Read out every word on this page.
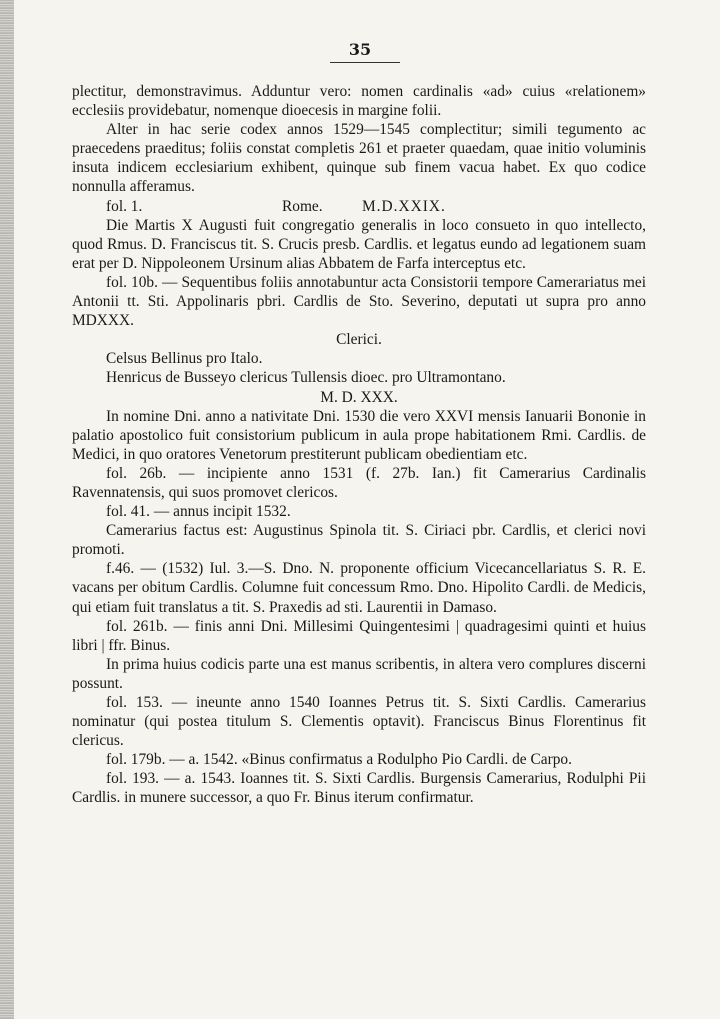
35

plectitur, demonstravimus. Adduntur vero: nomen cardinalis «ad» cuius «relationem» ecclesiis providebatur, nomenque dioecesis in margine folii.

Alter in hac serie codex annos 1529—1545 complectitur; simili tegumento ac praecedens praeditus; foliis constat completis 261 et praeter quaedam, quae initio voluminis insuta indicem ecclesiarium exhibent, quinque sub finem vacua habet. Ex quo codice nonnulla afferamus.

fol. 1.	Rome.	M.D.XXIX.

Die Martis X Augusti fuit congregatio generalis in loco consueto in quo intellecto, quod Rmus. D. Franciscus tit. S. Crucis presb. Cardlis. et legatus eundo ad legationem suam erat per D. Nippoleonem Ursinum alias Abbatem de Farfa interceptus etc.

fol. 10b. — Sequentibus foliis annotabuntur acta Consistorii tempore Camerariatus mei Antonii tt. Sti. Appolinaris pbri. Cardlis de Sto. Severino, deputati ut supra pro anno MDXXX.

Clerici.

Celsus Bellinus pro Italo.

Henricus de Busseyo clericus Tullensis dioec. pro Ultramontano.

M. D. XXX.

In nomine Dni. anno a nativitate Dni. 1530 die vero XXVI mensis Ianuarii Bononie in palatio apostolico fuit consistorium publicum in aula prope habitationem Rmi. Cardlis. de Medici, in quo oratores Venetorum prestiterunt publicam obedientiam etc.

fol. 26b. — incipiente anno 1531 (f. 27b. Ian.) fit Camerarius Cardinalis Ravennatensis, qui suos promovet clericos.

fol. 41. — annus incipit 1532.

Camerarius factus est: Augustinus Spinola tit. S. Ciriaci pbr. Cardlis, et clerici novi promoti.

f.46. — (1532) Iul. 3.—S. Dno. N. proponente officium Vicecancellariatus S. R. E. vacans per obitum Cardlis. Columne fuit concessum Rmo. Dno. Hipolito Cardli. de Medicis, qui etiam fuit translatus a tit. S. Praxedis ad sti. Laurentii in Damaso.

fol. 261b. — finis anni Dni. Millesimi Quingentesimi | quadragesimi quinti et huius libri | ffr. Binus.

In prima huius codicis parte una est manus scribentis, in altera vero complures discerni possunt.

fol. 153. — ineunte anno 1540 Ioannes Petrus tit. S. Sixti Cardlis. Camerarius nominatur (qui postea titulum S. Clementis optavit). Franciscus Binus Florentinus fit clericus.

fol. 179b. — a. 1542. «Binus confirmatus a Rodulpho Pio Cardli. de Carpo.

fol. 193. — a. 1543. Ioannes tit. S. Sixti Cardlis. Burgensis Camerarius, Rodulphi Pii Cardlis. in munere successor, a quo Fr. Binus iterum confirmatur.
